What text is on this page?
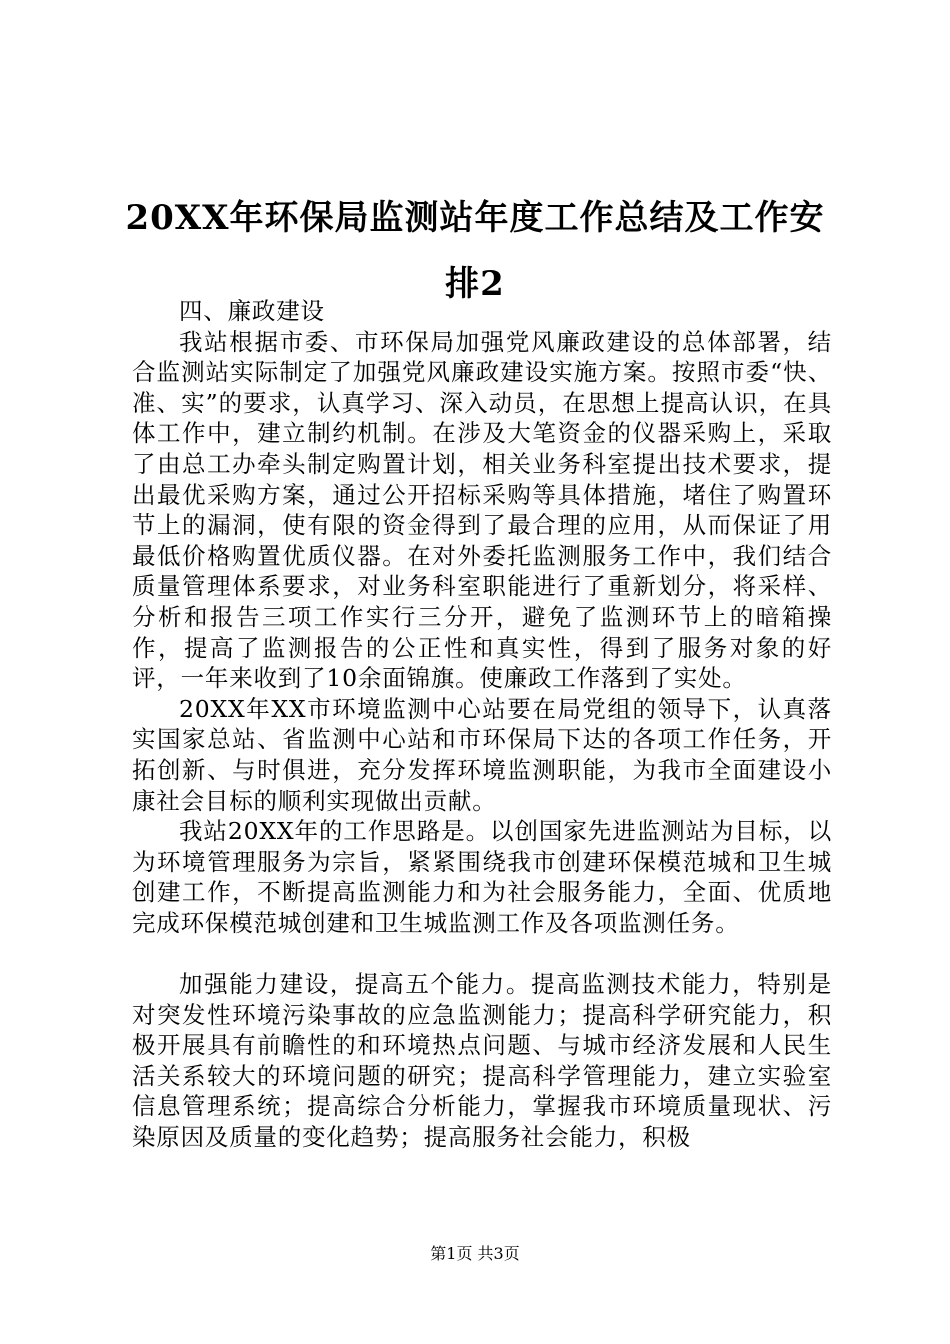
20XX年环保局监测站年度工作总结及工作安排2

四、廉政建设

我站根据市委、市环保局加强党风廉政建设的总体部署，结合监测站实际制定了加强党风廉政建设实施方案。按照市委“快、准、实”的要求，认真学习、深入动员，在思想上提高认识，在具体工作中，建立制约机制。在涉及大笔资金的仪器采购上，采取了由总工办牵头制定购置计划，相关业务科室提出技术要求，提出最优采购方案，通过公开招标采购等具体措施，堵住了购置环节上的漏洞，使有限的资金得到了最合理的应用，从而保证了用最低价格购置优质仪器。在对外委托监测服务工作中，我们结合质量管理体系要求，对业务科室职能进行了重新划分，将采样、分析和报告三项工作实行三分开，避免了监测环节上的暗箱操作，提高了监测报告的公正性和真实性，得到了服务对象的好评，一年来收到了10余面锦旗。使廉政工作落到了实处。

20XX年XX市环境监测中心站要在局党组的领导下，认真落实国家总站、省监测中心站和市环保局下达的各项工作任务，开拓创新、与时俱进，充分发挥环境监测职能，为我市全面建设小康社会目标的顺利实现做出贡献。

我站20XX年的工作思路是。以创国家先进监测站为目标，以为环境管理服务为宗旨，紧紧围绕我市创建环保模范城和卫生城创建工作，不断提高监测能力和为社会服务能力，全面、优质地完成环保模范城创建和卫生城监测工作及各项监测任务。

加强能力建设，提高五个能力。提高监测技术能力，特别是对突发性环境污染事故的应急监测能力；提高科学研究能力，积极开展具有前瞻性的和环境热点问题、与城市经济发展和人民生活关系较大的环境问题的研究；提高科学管理能力，建立实验室信息管理系统；提高综合分析能力，掌握我市环境质量现状、污染原因及质量的变化趋势；提高服务社会能力，积极

第1页 共3页
